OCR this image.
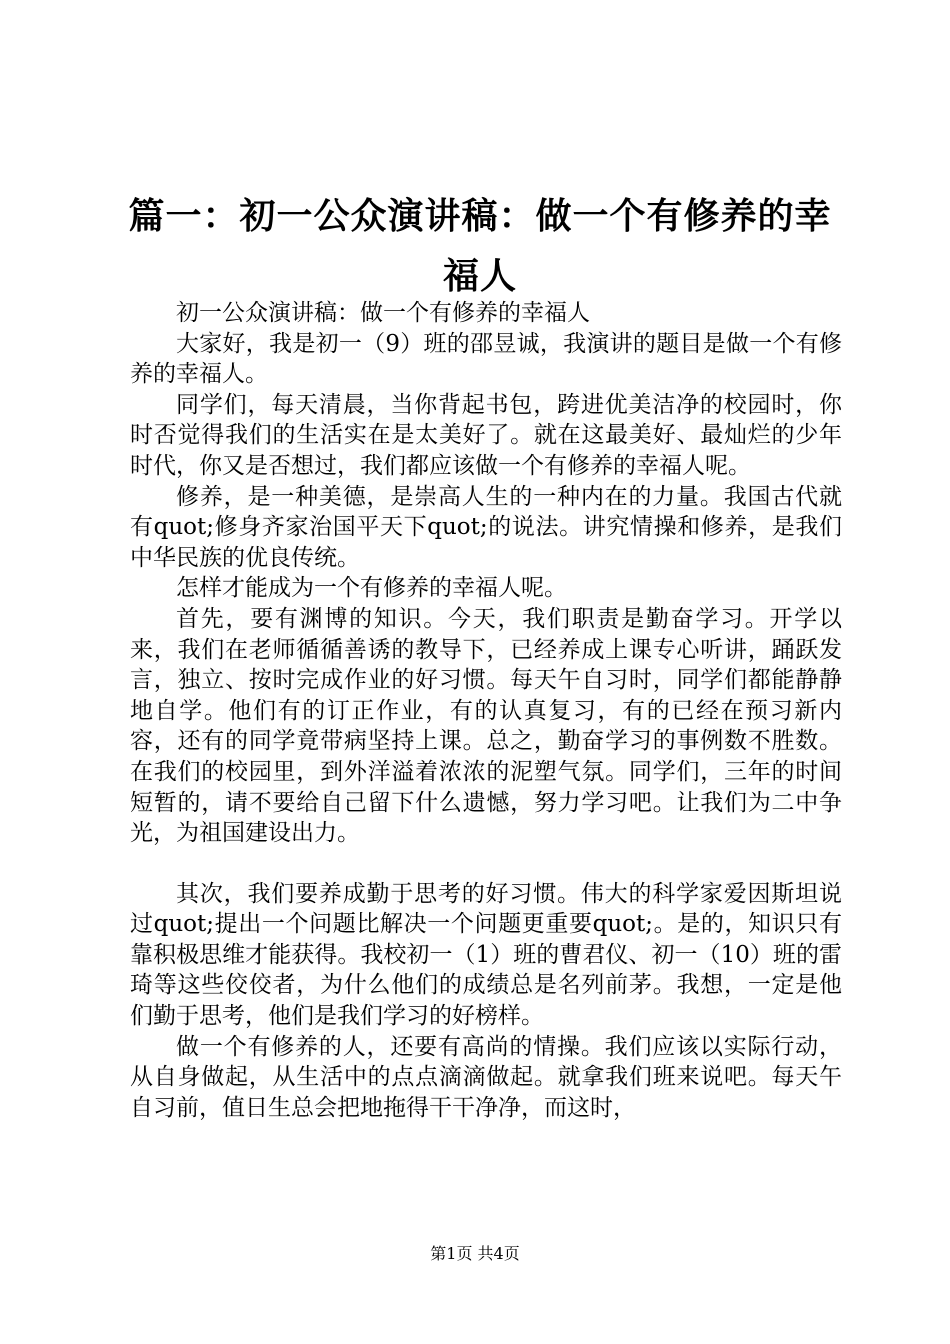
篇一：初一公众演讲稿：做一个有修养的幸福人

初一公众演讲稿：做一个有修养的幸福人

大家好，我是初一（9）班的邵昱诚，我演讲的题目是做一个有修养的幸福人。

同学们，每天清晨，当你背起书包，跨进优美洁净的校园时，你时否觉得我们的生活实在是太美好了。就在这最美好、最灿烂的少年时代，你又是否想过，我们都应该做一个有修养的幸福人呢。

修养，是一种美德，是崇高人生的一种内在的力量。我国古代就有quot;修身齐家治国平天下quot;的说法。讲究情操和修养，是我们中华民族的优良传统。

怎样才能成为一个有修养的幸福人呢。

首先，要有渊博的知识。今天，我们职责是勤奋学习。开学以来，我们在老师循循善诱的教导下，已经养成上课专心听讲，踊跃发言，独立、按时完成作业的好习惯。每天午自习时，同学们都能静静地自学。他们有的订正作业，有的认真复习，有的已经在预习新内容，还有的同学竟带病坚持上课。总之，勤奋学习的事例数不胜数。在我们的校园里，到外洋溢着浓浓的泥塑气氛。同学们，三年的时间短暂的，请不要给自己留下什么遗憾，努力学习吧。让我们为二中争光，为祖国建设出力。

其次，我们要养成勤于思考的好习惯。伟大的科学家爱因斯坦说过quot;提出一个问题比解决一个问题更重要quot;。是的，知识只有靠积极思维才能获得。我校初一（1）班的曹君仪、初一（10）班的雷琦等这些佼佼者，为什么他们的成绩总是名列前茅。我想，一定是他们勤于思考，他们是我们学习的好榜样。

做一个有修养的人，还要有高尚的情操。我们应该以实际行动，从自身做起，从生活中的点点滴滴做起。就拿我们班来说吧。每天午自习前，值日生总会把地拖得干干净净，而这时，

第1页 共4页
